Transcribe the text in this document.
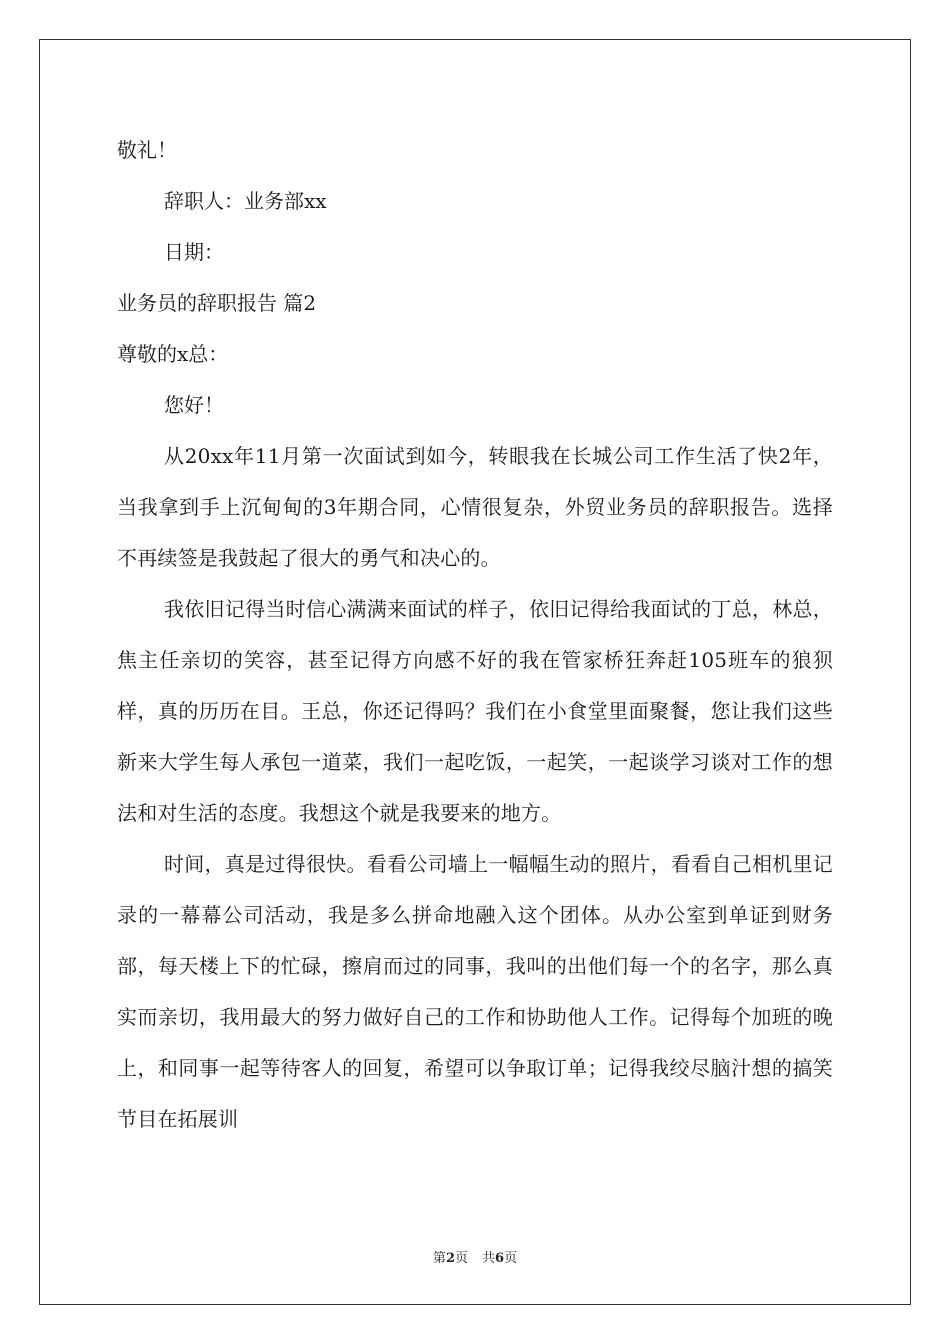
敬礼！
辞职人：业务部xx
日期：
业务员的辞职报告 篇2
尊敬的x总：
您好！

从20xx年11月第一次面试到如今，转眼我在长城公司工作生活了快2年，当我拿到手上沉甸甸的3年期合同，心情很复杂，外贸业务员的辞职报告。选择不再续签是我鼓起了很大的勇气和决心的。

我依旧记得当时信心满满来面试的样子，依旧记得给我面试的丁总，林总，焦主任亲切的笑容，甚至记得方向感不好的我在管家桥狂奔赶105班车的狼狈样，真的历历在目。王总，你还记得吗？我们在小食堂里面聚餐，您让我们这些新来大学生每人承包一道菜，我们一起吃饭，一起笑，一起谈学习谈对工作的想法和对生活的态度。我想这个就是我要来的地方。

时间，真是过得很快。看看公司墙上一幅幅生动的照片，看看自己相机里记录的一幕幕公司活动，我是多么拼命地融入这个团体。从办公室到单证到财务部，每天楼上下的忙碌，擦肩而过的同事，我叫的出他们每一个的名字，那么真实而亲切，我用最大的努力做好自己的工作和协助他人工作。记得每个加班的晚上，和同事一起等待客人的回复，希望可以争取订单；记得我绞尽脑汁想的搞笑节目在拓展训

第2页 共6页
